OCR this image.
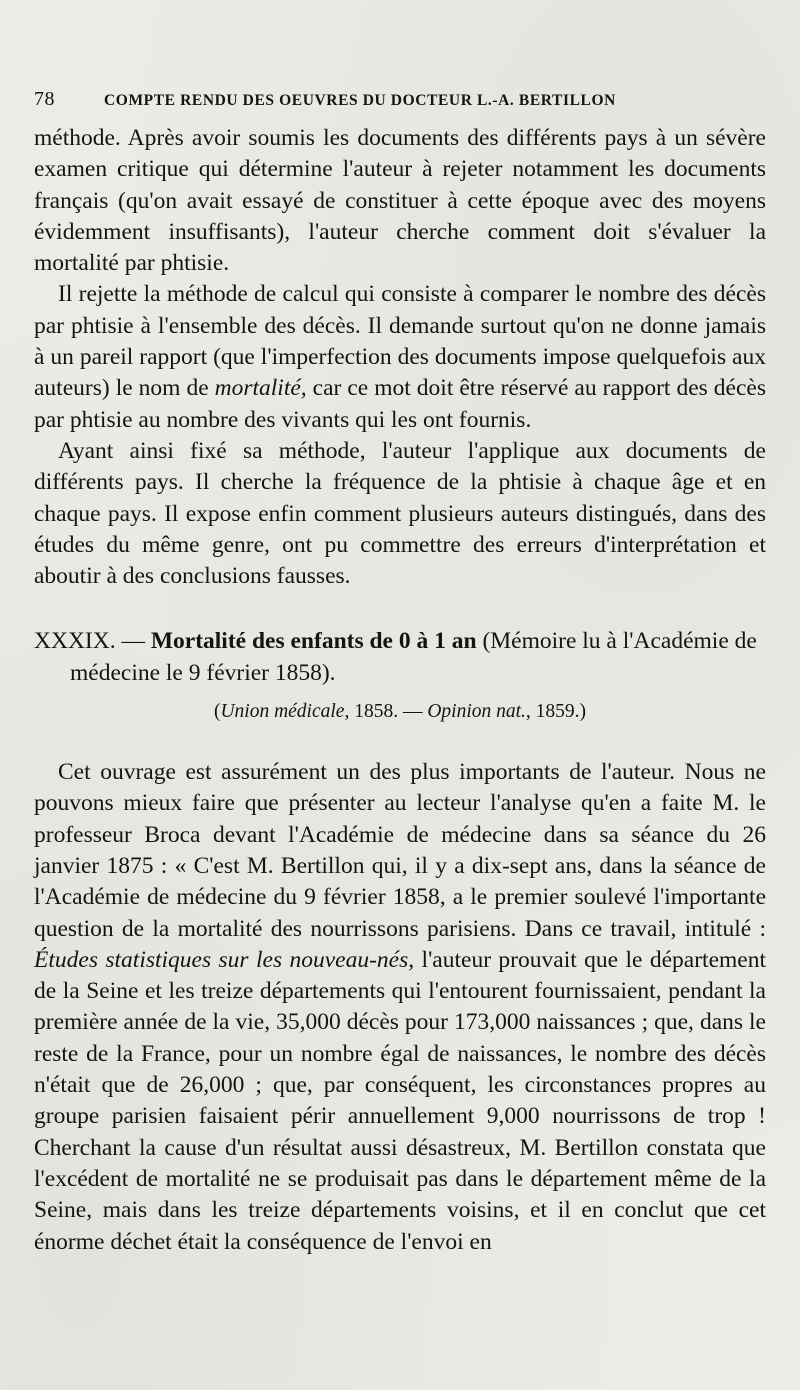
78	COMPTE RENDU DES OEUVRES DU DOCTEUR L.-A. BERTILLON

méthode. Après avoir soumis les documents des différents pays à un sévère examen critique qui détermine l'auteur à rejeter notamment les documents français (qu'on avait essayé de constituer à cette époque avec des moyens évidemment insuffisants), l'auteur cherche comment doit s'évaluer la mortalité par phtisie.

Il rejette la méthode de calcul qui consiste à comparer le nombre des décès par phtisie à l'ensemble des décès. Il demande surtout qu'on ne donne jamais à un pareil rapport (que l'imperfection des documents impose quelquefois aux auteurs) le nom de mortalité, car ce mot doit être réservé au rapport des décès par phtisie au nombre des vivants qui les ont fournis.

Ayant ainsi fixé sa méthode, l'auteur l'applique aux documents de différents pays. Il cherche la fréquence de la phtisie à chaque âge et en chaque pays. Il expose enfin comment plusieurs auteurs distingués, dans des études du même genre, ont pu commettre des erreurs d'interprétation et aboutir à des conclusions fausses.

XXXIX. — Mortalité des enfants de 0 à 1 an (Mémoire lu à l'Académie de médecine le 9 février 1858).
(Union médicale, 1858. — Opinion nat., 1859.)

Cet ouvrage est assurément un des plus importants de l'auteur. Nous ne pouvons mieux faire que présenter au lecteur l'analyse qu'en a faite M. le professeur Broca devant l'Académie de médecine dans sa séance du 26 janvier 1875 : « C'est M. Bertillon qui, il y a dix-sept ans, dans la séance de l'Académie de médecine du 9 février 1858, a le premier soulevé l'importante question de la mortalité des nourrissons parisiens. Dans ce travail, intitulé : Études statistiques sur les nouveau-nés, l'auteur prouvait que le département de la Seine et les treize départements qui l'entourent fournissaient, pendant la première année de la vie, 35,000 décès pour 173,000 naissances ; que, dans le reste de la France, pour un nombre égal de naissances, le nombre des décès n'était que de 26,000 ; que, par conséquent, les circonstances propres au groupe parisien faisaient périr annuellement 9,000 nourrissons de trop ! Cherchant la cause d'un résultat aussi désastreux, M. Bertillon constata que l'excédent de mortalité ne se produisait pas dans le département même de la Seine, mais dans les treize départements voisins, et il en conclut que cet énorme déchet était la conséquence de l'envoi en
